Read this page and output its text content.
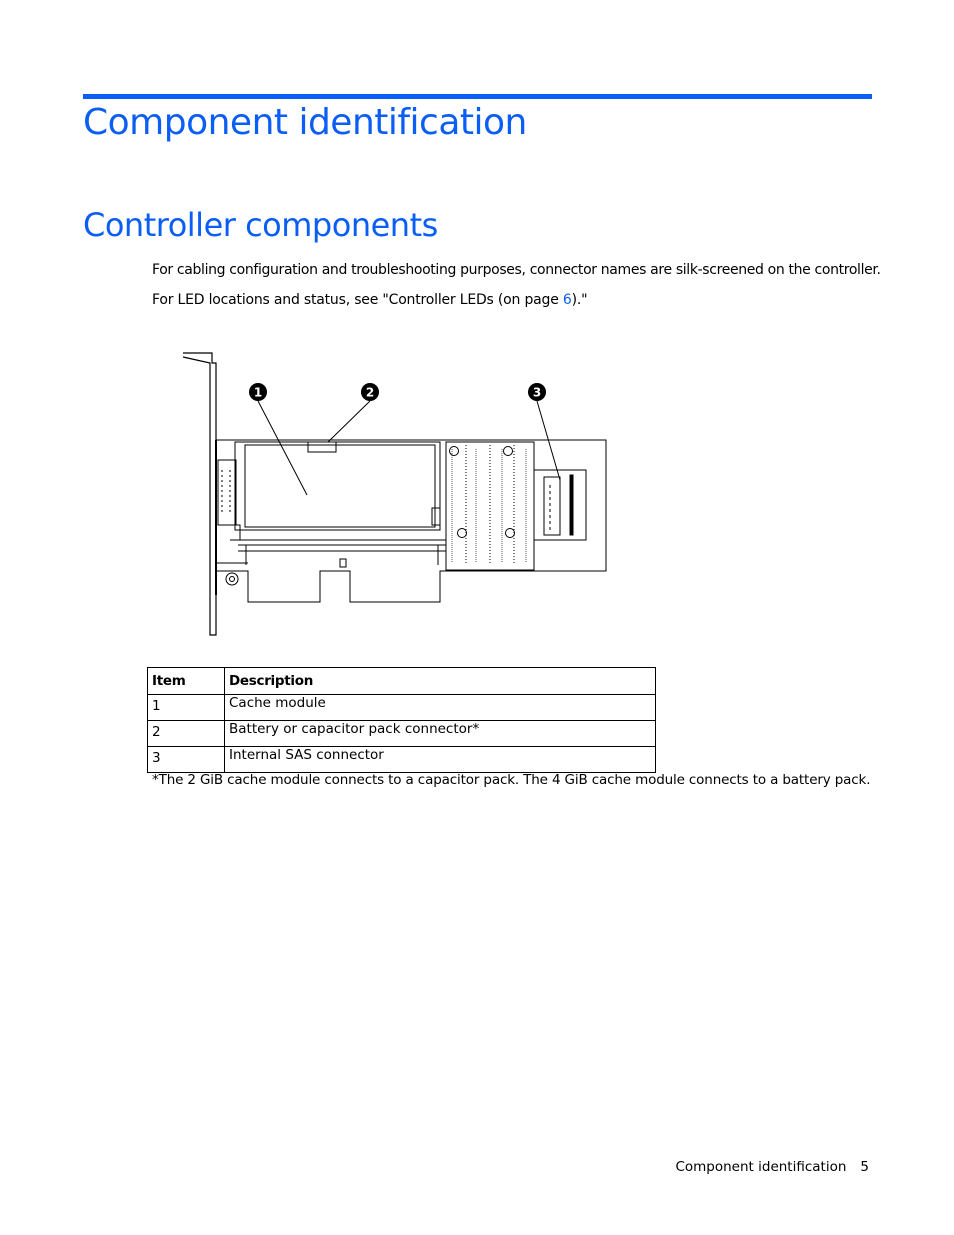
Component identification
Controller components

For cabling configuration and troubleshooting purposes, connector names are silk-screened on the controller.

For LED locations and status, see "Controller LEDs (on page 6)."

1	2	3
Item	Description
1	Cache module
2	Battery or capacitor pack connector*
3	Internal SAS connector

*The 2 GiB cache module connects to a capacitor pack. The 4 GiB cache module connects to a battery pack.

Component identification 5
